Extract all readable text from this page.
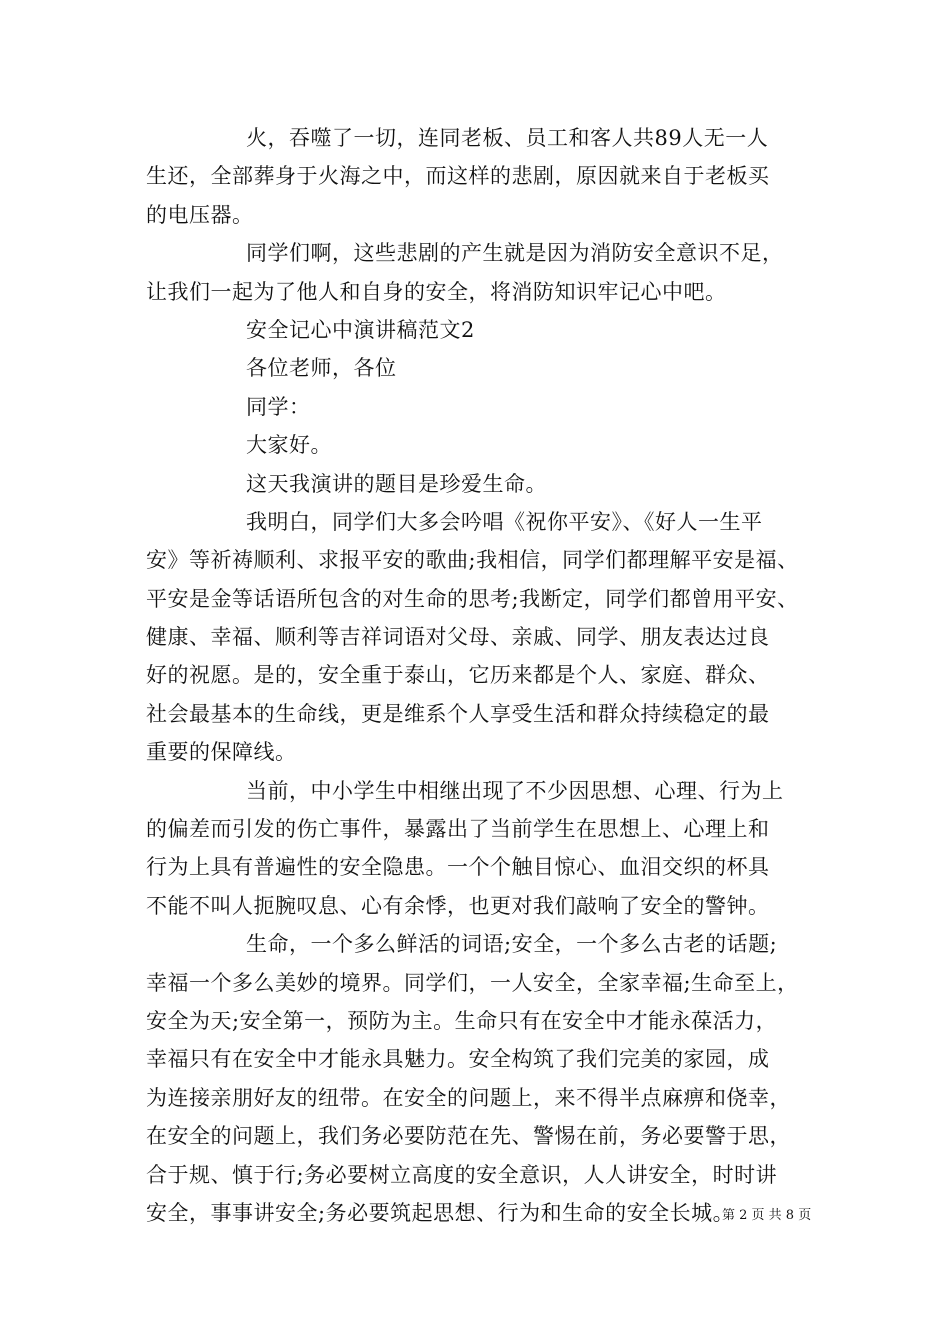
火，吞噬了一切，连同老板、员工和客人共89人无一人
生还，全部葬身于火海之中，而这样的悲剧，原因就来自于老板买
的电压器。
同学们啊，这些悲剧的产生就是因为消防安全意识不足，
让我们一起为了他人和自身的安全，将消防知识牢记心中吧。
安全记心中演讲稿范文2
各位老师，各位
同学：
大家好。
这天我演讲的题目是珍爱生命。
我明白，同学们大多会吟唱《祝你平安》、《好人一生平
安》等祈祷顺利、求报平安的歌曲;我相信，同学们都理解平安是福、
平安是金等话语所包含的对生命的思考;我断定，同学们都曾用平安、
健康、幸福、顺利等吉祥词语对父母、亲戚、同学、朋友表达过良
好的祝愿。是的，安全重于泰山，它历来都是个人、家庭、群众、
社会最基本的生命线，更是维系个人享受生活和群众持续稳定的最
重要的保障线。
当前，中小学生中相继出现了不少因思想、心理、行为上
的偏差而引发的伤亡事件，暴露出了当前学生在思想上、心理上和
行为上具有普遍性的安全隐患。一个个触目惊心、血泪交织的杯具
不能不叫人扼腕叹息、心有余悸，也更对我们敲响了安全的警钟。
生命，一个多么鲜活的词语;安全，一个多么古老的话题;
幸福一个多么美妙的境界。同学们，一人安全，全家幸福;生命至上，
安全为天;安全第一，预防为主。生命只有在安全中才能永葆活力，
幸福只有在安全中才能永具魅力。安全构筑了我们完美的家园，成
为连接亲朋好友的纽带。在安全的问题上，来不得半点麻痹和侥幸，
在安全的问题上，我们务必要防范在先、警惕在前，务必要警于思，
合于规、慎于行;务必要树立高度的安全意识，人人讲安全，时时讲
安全，事事讲安全;务必要筑起思想、行为和生命的安全长城。
第 2 页 共 8 页
